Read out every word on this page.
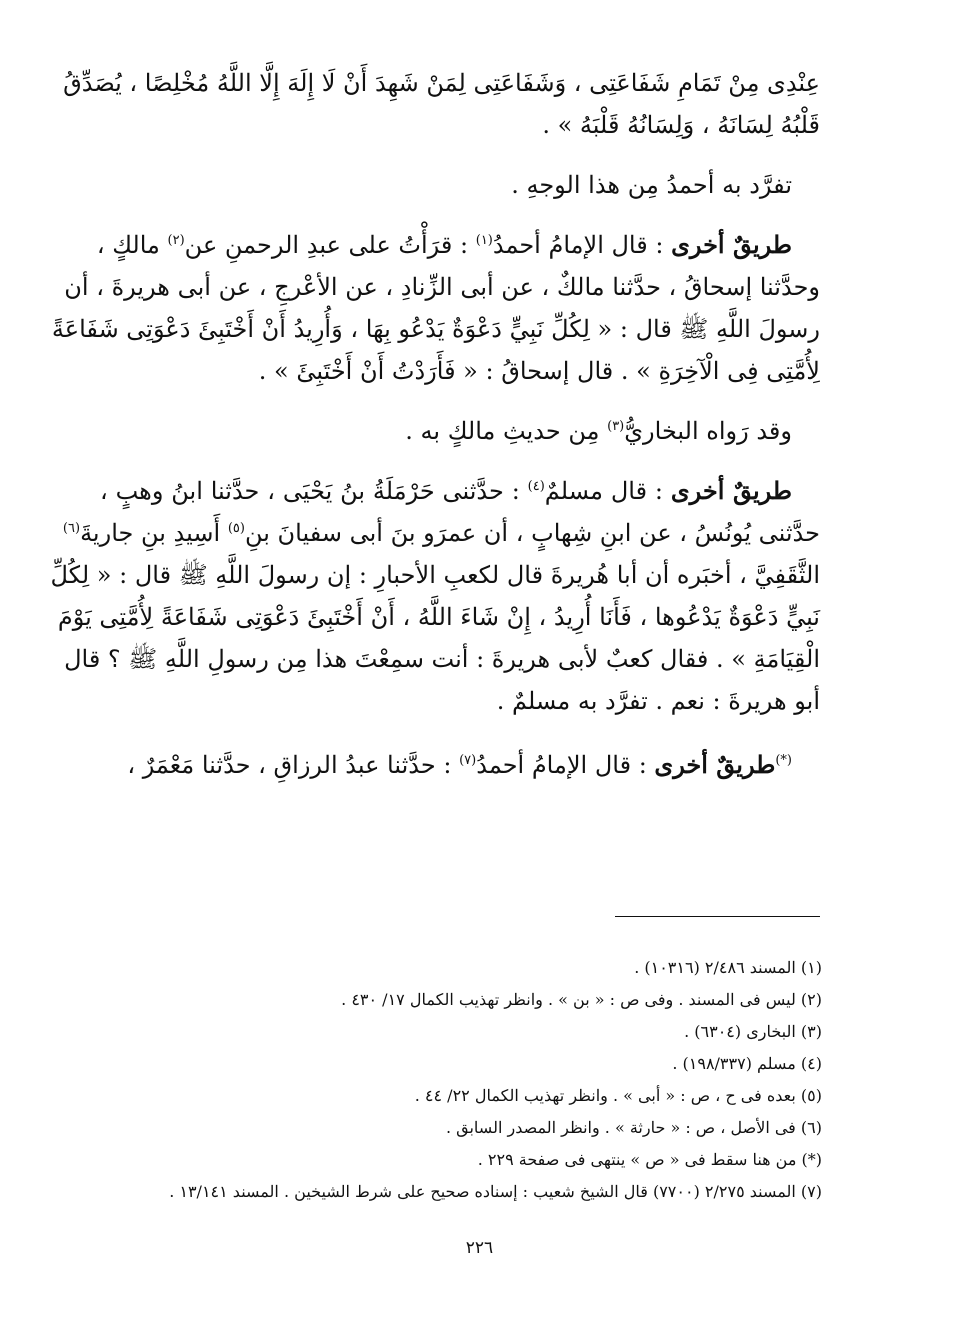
عِنْدِى مِنْ تَمَامِ شَفَاعَتِى ، وَشَفَاعَتِى لِمَنْ شَهِدَ أَنْ لَا إِلَهَ إِلَّا اللَّهُ مُخْلِصًا ، يُصَدِّقُ
قَلْبُهُ لِسَانَهُ ، وَلِسَانُهُ قَلْبَهُ » .
تفرَّد به أحمدُ مِن هذا الوجهِ .
طريقٌ أخرى : قال الإمامُ أحمدُ$^{(١)}$ : قرَأْتُ على عبدِ الرحمنِ عن$^{(٢)}$ مالكٍ ،
وحدَّثنا إسحاقُ ، حدَّثنا مالكٌ ، عن أبى الزِّنادِ ، عن الأعْرجِ ، عن أبى هريرةَ ، أن
رسولَ اللَّهِ ﷺ قال : « لِكُلِّ نَبِيٍّ دَعْوَةٌ يَدْعُو بِهَا ، وَأُرِيدُ أَنْ أَخْتَبِئَ دَعْوَتِى شَفَاعَةً
لِأُمَّتِى فِى الْآخِرَةِ » . قال إسحاقُ : « فَأَرَدْتُ أَنْ أَخْتَبِئَ » .
وقد رَواه البخاريُّ$^{(٣)}$ مِن حديثِ مالكٍ به .
طريقٌ أخرى : قال مسلمٌ$^{(٤)}$ : حدَّثنى حَرْمَلَةُ بنُ يَحْيَى ، حدَّثنا ابنُ وهبٍ ،
حدَّثنى يُونُسُ ، عن ابنِ شِهابٍ ، أن عمرَو بنَ أبى سفيانَ بنِ$^{(٥)}$ أَسِيدِ بنِ جاريةَ$^{(٦)}$
الثَّقَفِيَّ ، أخبَره أن أبا هُريرةَ قال لكعبِ الأحبارِ : إن رسولَ اللَّهِ ﷺ قال : « لِكُلِّ
نَبِيٍّ دَعْوَةٌ يَدْعُوها ، فَأَنَا أُرِيدُ ، إِنْ شَاءَ اللَّهُ ، أَنْ أَخْتَبِئَ دَعْوَتِى شَفَاعَةً لِأُمَّتِى يَوْمَ
الْقِيَامَةِ » . فقال كعبٌ لأبى هريرةَ : أنت سمِعْتَ هذا مِن رسولِ اللَّهِ ﷺ ؟ قال
أبو هريرةَ : نعم . تفرَّد به مسلمٌ .
(*)طريقٌ أخرى : قال الإمامُ أحمدُ$^{(٧)}$ : حدَّثنا عبدُ الرزاقِ ، حدَّثنا مَعْمَرٌ ،
(١) المسند ٢/٤٨٦ (١٠٣١٦) .
(٢) ليس فى المسند . وفى ص : « بن » . وانظر تهذيب الكمال ١٧/ ٤٣٠ .
(٣) البخارى (٦٣٠٤) .
(٤) مسلم (١٩٨/٣٣٧) .
(٥) بعده فى ح ، ص : « أبى » . وانظر تهذيب الكمال ٢٢/ ٤٤ .
(٦) فى الأصل ، ص : « حارثة » . وانظر المصدر السابق .
(*) من هنا سقط فى « ص » ينتهى فى صفحة ٢٢٩ .
(٧) المسند ٢/٢٧٥ (٧٧٠٠) قال الشيخ شعيب : إسناده صحيح على شرط الشيخين . المسند ١٣/١٤١ .
٢٢٦
